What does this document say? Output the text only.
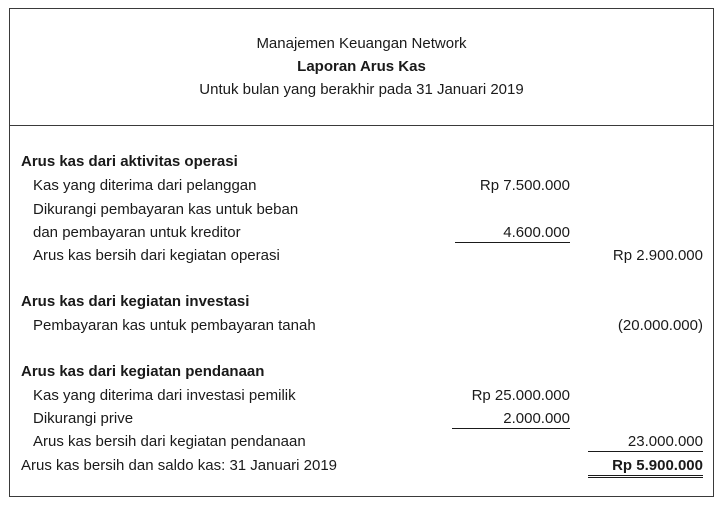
Manajemen Keuangan Network
Laporan Arus Kas
Untuk bulan yang berakhir pada 31 Januari 2019
Arus kas dari aktivitas operasi
Kas yang diterima dari pelanggan	Rp 7.500.000
Dikurangi pembayaran kas untuk beban
dan pembayaran untuk kreditor	4.600.000
Arus kas bersih dari kegiatan operasi	Rp 2.900.000
Arus kas dari kegiatan investasi
Pembayaran kas untuk pembayaran tanah	(20.000.000)
Arus kas dari kegiatan pendanaan
Kas yang diterima dari investasi pemilik	Rp 25.000.000
Dikurangi prive	2.000.000
Arus kas bersih dari kegiatan pendanaan	23.000.000
Arus kas bersih dan saldo kas: 31 Januari 2019	Rp 5.900.000
